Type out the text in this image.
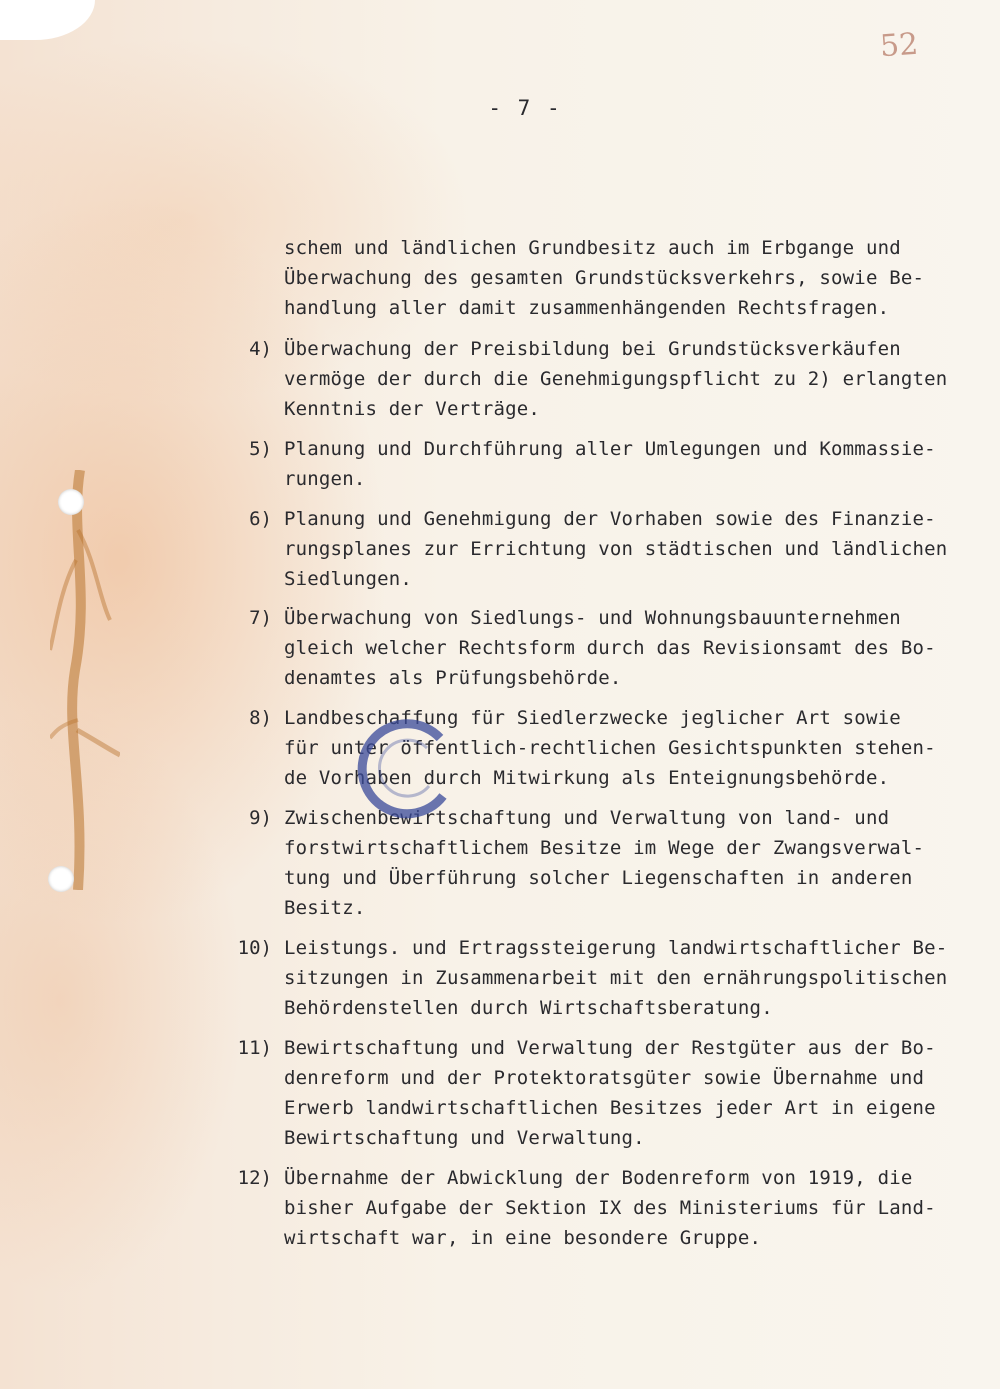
52
- 7 -
schem und ländlichen Grundbesitz auch im Erbgange und
Überwachung des gesamten Grundstücksverkehrs, sowie Be-
handlung aller damit zusammenhängenden Rechtsfragen.
4) Überwachung der Preisbildung bei Grundstücksverkäufen
vermöge der durch die Genehmigungspflicht zu 2) erlangten
Kenntnis der Verträge.
5) Planung und Durchführung aller Umlegungen und Kommassie-
rungen.
6) Planung und Genehmigung der Vorhaben sowie des Finanzie-
rungsplanes zur Errichtung von städtischen und ländlichen
Siedlungen.
7) Überwachung von Siedlungs- und Wohnungsbauunternehmen
gleich welcher Rechtsform durch das Revisionsamt des Bo-
denamtes als Prüfungsbehörde.
8) Landbeschaffung für Siedlerzwecke jeglicher Art sowie
für unter öffentlich-rechtlichen Gesichtspunkten stehen-
de Vorhaben durch Mitwirkung als Enteignungsbehörde.
9) Zwischenbewirtschaftung und Verwaltung von land- und
forstwirtschaftlichem Besitze im Wege der Zwangsverwal-
tung und Überführung solcher Liegenschaften in anderen
Besitz.
10) Leistungs. und Ertragssteigerung landwirtschaftlicher Be-
sitzungen in Zusammenarbeit mit den ernährungspolitischen
Behördenstellen durch Wirtschaftsberatung.
11) Bewirtschaftung und Verwaltung der Restgüter aus der Bo-
denreform und der Protektoratsgüter sowie Übernahme und
Erwerb landwirtschaftlichen Besitzes jeder Art in eigene
Bewirtschaftung und Verwaltung.
12) Übernahme der Abwicklung der Bodenreform von 1919, die
bisher Aufgabe der Sektion IX des Ministeriums für Land-
wirtschaft war, in eine besondere Gruppe.
